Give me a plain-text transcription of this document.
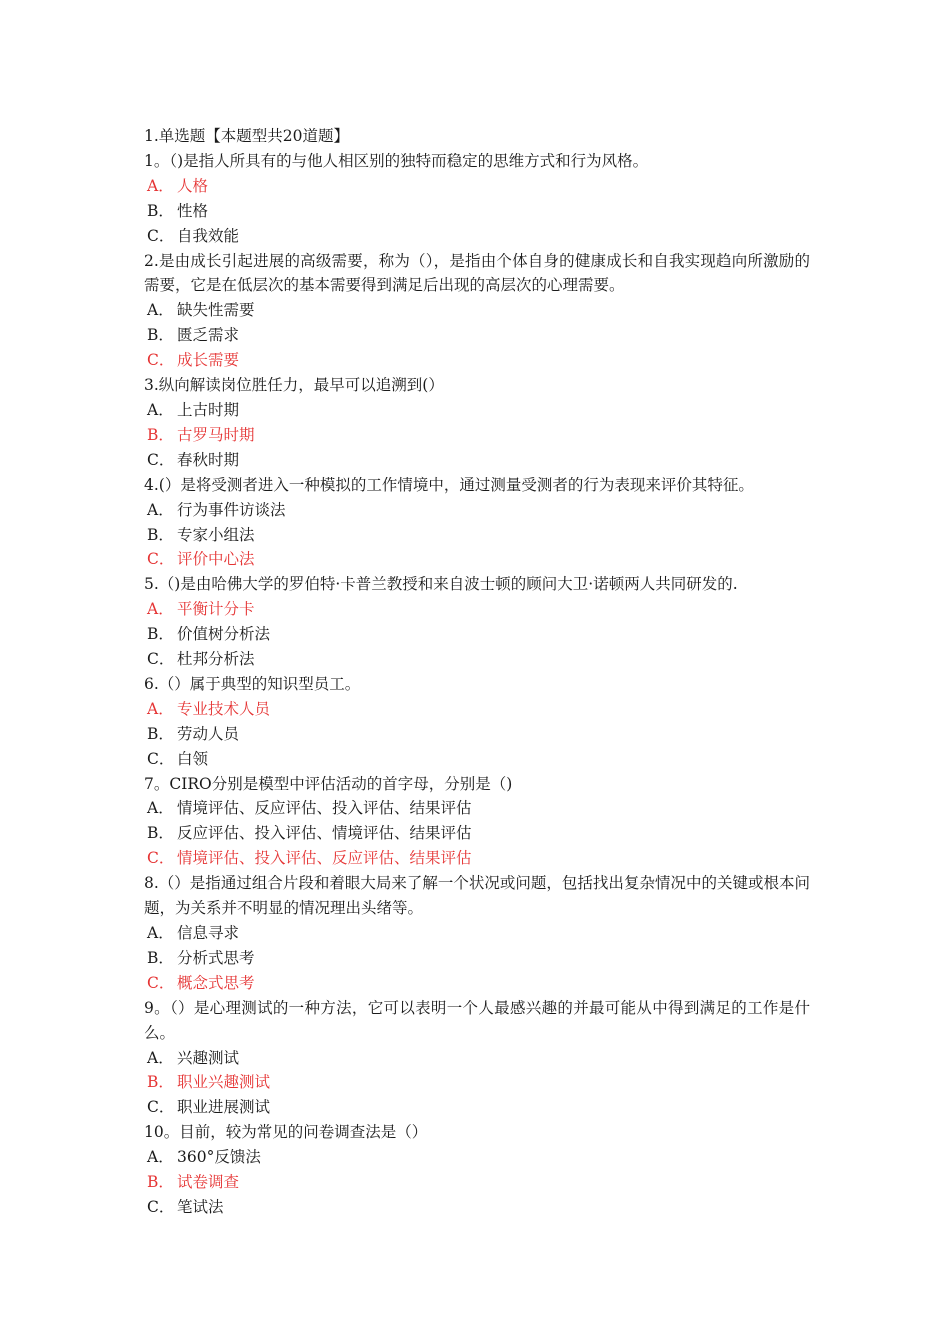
1.单选题【本题型共20道题】
1。（)是指人所具有的与他人相区别的独特而稳定的思维方式和行为风格。
A． 人格
B． 性格
C． 自我效能
2.是由成长引起进展的高级需要，称为（），是指由个体自身的健康成长和自我实现趋向所激励的需要，它是在低层次的基本需要得到满足后出现的高层次的心理需要。
A． 缺失性需要
B． 匮乏需求
C． 成长需要
3.纵向解读岗位胜任力，最早可以追溯到(）
A． 上古时期
B． 古罗马时期
C． 春秋时期
4.(）是将受测者进入一种模拟的工作情境中，通过测量受测者的行为表现来评价其特征。
A． 行为事件访谈法
B． 专家小组法
C． 评价中心法
5.（)是由哈佛大学的罗伯特·卡普兰教授和来自波士顿的顾问大卫·诺顿两人共同研发的.
A． 平衡计分卡
B． 价值树分析法
C． 杜邦分析法
6.（）属于典型的知识型员工。
A． 专业技术人员
B． 劳动人员
C． 白领
7。CIRO分别是模型中评估活动的首字母，分别是（)
A． 情境评估、反应评估、投入评估、结果评估
B． 反应评估、投入评估、情境评估、结果评估
C． 情境评估、投入评估、反应评估、结果评估
8.（）是指通过组合片段和着眼大局来了解一个状况或问题，包括找出复杂情况中的关键或根本问题，为关系并不明显的情况理出头绪等。
A． 信息寻求
B． 分析式思考
C． 概念式思考
9。（）是心理测试的一种方法，它可以表明一个人最感兴趣的并最可能从中得到满足的工作是什么。
A． 兴趣测试
B． 职业兴趣测试
C． 职业进展测试
10。目前，较为常见的问卷调查法是（）
A． 360°反馈法
B． 试卷调查
C． 笔试法
